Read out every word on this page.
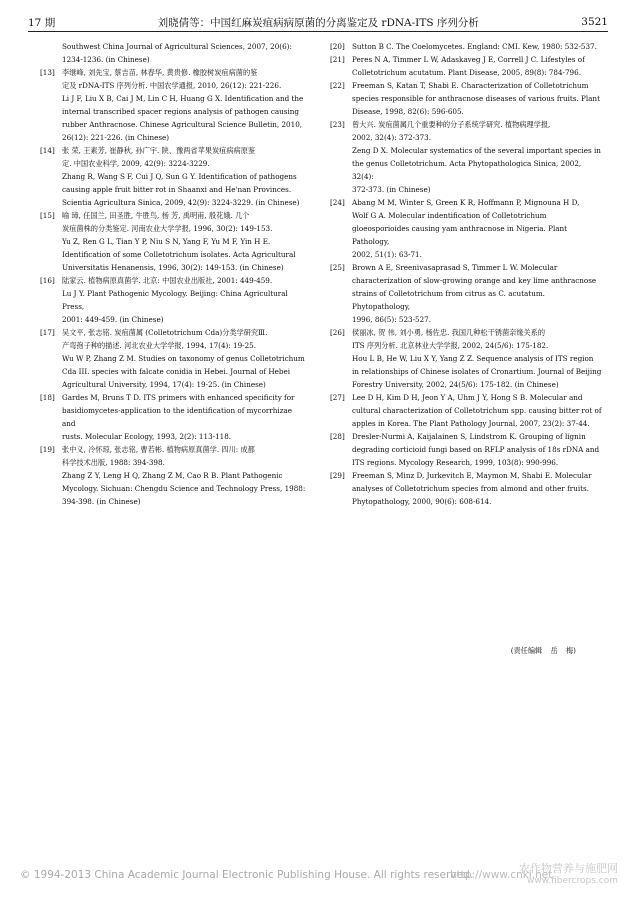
17 期	刘晓倩等：中国红麻炭疽病病原菌的分离鉴定及 rDNA-ITS 序列分析	3521
Southwest China Journal of Agricultural Sciences, 2007, 20(6):
1234-1236. (in Chinese)
[13]	李继峰, 刘先宝, 蔡吉苗, 林春华, 黄贵修. 橡胶树炭疽病菌的鉴
定及 rDNA-ITS 序列分析. 中国农学通报, 2010, 26(12): 221-226.
Li J F, Liu X B, Cai J M, Lin C H, Huang G X. Identification and the
internal transcribed spacer regions analysis of pathogen causing
rubber Anthracnose. Chinese Agricultural Science Bulletin, 2010,
26(12): 221-226. (in Chinese)
[14]	张 荣, 王素芳, 崔静秋, 孙广宇. 陕、豫两省苹果炭疽病病原鉴
定. 中国农业科学, 2009, 42(9): 3224-3229.
Zhang R, Wang S F, Cui J Q, Sun G Y. Identification of pathogens
causing apple fruit bitter rot in Shaanxi and He'nan Provinces.
Scientia Agricultura Sinica, 2009, 42(9): 3224-3229. (in Chinese)
[15]	喻 璋, 任国兰, 田圣胜, 牛胜鸟, 杨 芳, 禹明甫, 殷花娥. 几个
炭疽菌株的分类鉴定. 河南农业大学学报, 1996, 30(2): 149-153.
Yu Z, Ren G L, Tian Y P, Niu S N, Yang F, Yu M F, Yin H E.
Identification of some Colletotrichum isolates. Acta Agricultural
Universitatis Henanensis, 1996, 30(2): 149-153. (in Chinese)
[16]	陆家云. 植物病原真菌学. 北京: 中国农业出版社, 2001: 449-459.
Lu J Y. Plant Pathogenic Mycology. Beijing: China Agricultural Press,
2001: 449-459. (in Chinese)
[17]	吴文平, 张志铭. 炭疽菌属 (Colletotrichum Cda)分类学研究Ⅲ.
产弯孢子种的描述. 河北农业大学学报, 1994, 17(4): 19-25.
Wu W P, Zhang Z M. Studies on taxonomy of genus Colletotrichum
Cda III. species with falcate conidia in Hebei. Journal of Hebei
Agricultural University, 1994, 17(4): 19-25. (in Chinese)
[18]	Gardes M, Bruns T D. ITS primers with enhanced specificity for
basidiomycetes-application to the identification of mycorrhizae and
rusts. Molecular Ecology, 1993, 2(2): 113-118.
[19]	张中义, 冷怀琼, 张志铭, 曹若彬. 植物病原真菌学. 四川: 成都
科学技术出版, 1988: 394-398.
Zhang Z Y, Leng H Q, Zhang Z M, Cao R B. Plant Pathogenic
Mycology. Sichuan: Chengdu Science and Technology Press, 1988:
394-398. (in Chinese)
[20]	Sutton B C. The Coelomycetes. England: CMI. Kew, 1980: 532-537.
[21]	Peres N A, Timmer L W, Adaskaveg J E, Correll J C. Lifestyles of
Colletotrichum acutatum. Plant Disease, 2005, 89(8): 784-796.
[22]	Freeman S, Katan T, Shabi E. Characterization of Colletotrichum
species responsible for anthracnose diseases of various fruits. Plant
Disease, 1998, 82(6): 596-605.
[23]	曾大兴. 炭疽菌属几个重要种的分子系统学研究. 植物病理学报,
2002, 32(4): 372-373.
Zeng D X. Molecular systematics of the several important species in
the genus Colletotrichum. Acta Phytopathologica Sinica, 2002, 32(4):
372-373. (in Chinese)
[24]	Abang M M, Winter S, Green K R, Hoffmann P, Mignouna H D,
Wolf G A. Molecular indentification of Colletotrichum
gloeosporioides causing yam anthracnose in Nigeria. Plant Pathology,
2002, 51(1): 63-71.
[25]	Brown A E, Sreenivasaprasad S, Timmer L W. Molecular
characterization of slow-growing orange and key lime anthracnose
strains of Colletotrichum from citrus as C. acutatum. Phytopathology,
1996, 86(5): 523-527.
[26]	侯丽冰, 贺 伟, 刘小勇, 杨佐忠. 我国几种松干锈菌亲缘关系的
ITS 序列分析. 北京林业大学学报, 2002, 24(5/6): 175-182.
Hou L B, He W, Liu X Y, Yang Z Z. Sequence analysis of ITS region
in relationships of Chinese isolates of Cronartium. Journal of Beijing
Forestry University, 2002, 24(5/6): 175-182. (in Chinese)
[27]	Lee D H, Kim D H, Jeon Y A, Uhm J Y, Hong S B. Molecular and
cultural characterization of Colletotrichum spp. causing bitter rot of
apples in Korea. The Plant Pathology Journal, 2007, 23(2): 37-44.
[28]	Dresler-Nurmi A, Kaijalainen S, Lindstrom K. Grouping of lignin
degrading corticioid fungi based on RFLP analysis of 18s rDNA and
ITS regions. Mycology Research, 1999, 103(8): 990-996.
[29]	Freeman S, Minz D, Jurkevitch E, Maymon M, Shabi E. Molecular
analyses of Colletotrichum species from almond and other fruits.
Phytopathology, 2000, 90(6): 608-614.
(责任编辑 岳 梅)
© 1994-2013 China Academic Journal Electronic Publishing House. All rights reserved.
http://www.cnki.net
农作物营养与施肥网
www.fibercrops.com
